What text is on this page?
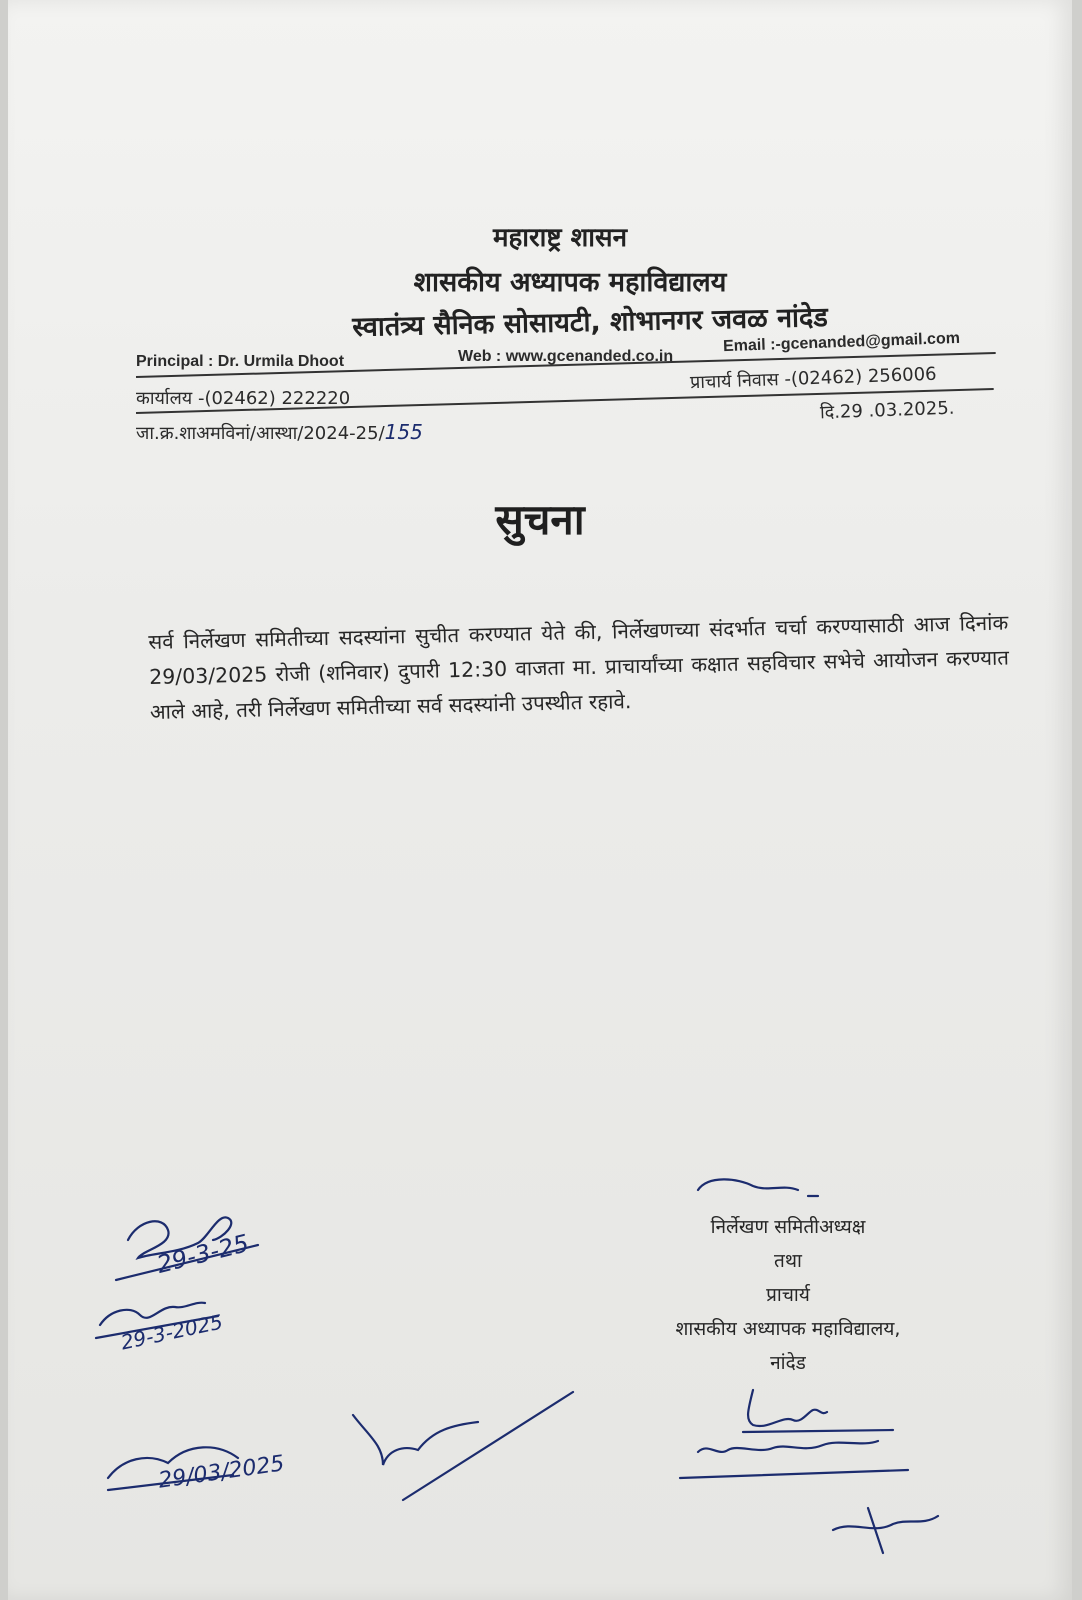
महाराष्ट्र शासन
शासकीय अध्यापक महाविद्यालय
स्वातंत्र्य सैनिक सोसायटी, शोभानगर जवळ नांदेड
Principal : Dr. Urmila Dhoot	Web : www.gcenanded.co.in
Email :-gcenanded@gmail.com
कार्यालय -(02462) 222220
प्राचार्य निवास -(02462) 256006
जा.क्र.शाअमविनां/आस्था/2024-25/155
दि.29 .03.2025.
सुचना
सर्व निर्लेखण समितीच्या सदस्यांना सुचीत करण्यात येते की, निर्लेखणच्या संदर्भात चर्चा करण्यासाठी आज दिनांक 29/03/2025 रोजी (शनिवार) दुपारी 12:30 वाजता मा. प्राचार्यांच्या कक्षात सहविचार सभेचे आयोजन करण्यात आले आहे, तरी निर्लेखण समितीच्या सर्व सदस्यांनी उपस्थीत रहावे.
निर्लेखण समितीअध्यक्ष
तथा
प्राचार्य
शासकीय अध्यापक महाविद्यालय,
नांदेड
29-3-25
29-3-2025
29/03/2025
